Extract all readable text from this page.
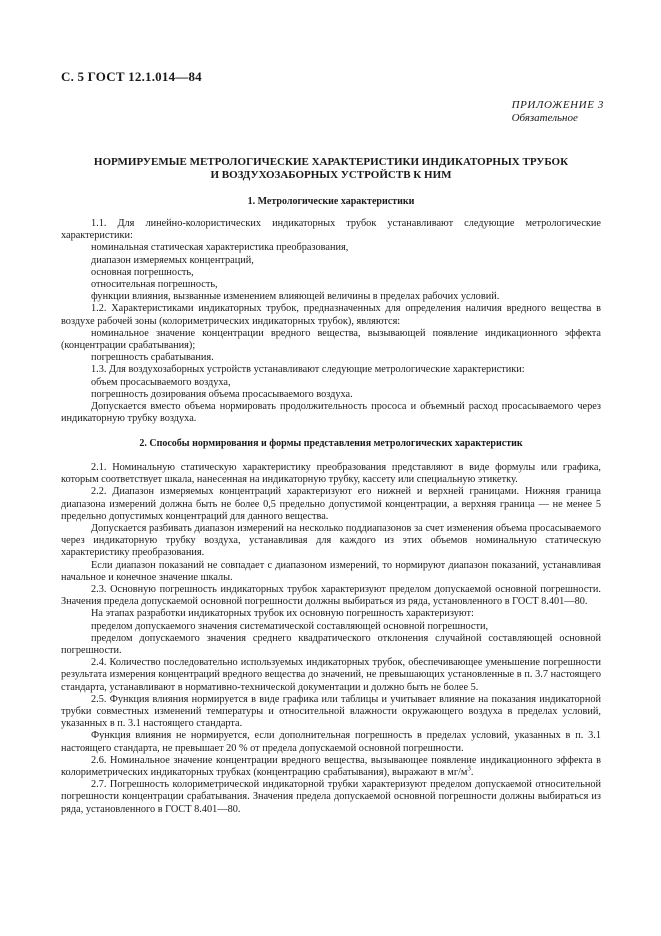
С. 5 ГОСТ 12.1.014—84
ПРИЛОЖЕНИЕ 3
Обязательное
НОРМИРУЕМЫЕ МЕТРОЛОГИЧЕСКИЕ ХАРАКТЕРИСТИКИ ИНДИКАТОРНЫХ ТРУБОК
И ВОЗДУХОЗАБОРНЫХ УСТРОЙСТВ К НИМ
1. Метрологические характеристики

1.1. Для линейно-колористических индикаторных трубок устанавливают следующие метрологические характеристики:

номинальная статическая характеристика преобразования,

диапазон измеряемых концентраций,

основная погрешность,

относительная погрешность,

функции влияния, вызванные изменением влияющей величины в пределах рабочих условий.

1.2. Характеристиками индикаторных трубок, предназначенных для определения наличия вредного вещества в воздухе рабочей зоны (колориметрических индикаторных трубок), являются:

номинальное значение концентрации вредного вещества, вызывающей появление индикационного эффекта (концентрации срабатывания);

погрешность срабатывания.

1.3. Для воздухозаборных устройств устанавливают следующие метрологические характеристики:

объем просасываемого воздуха,

погрешность дозирования объема просасываемого воздуха.

Допускается вместо объема нормировать продолжительность прососа и объемный расход просасываемого через индикаторную трубку воздуха.

2. Способы нормирования и формы представления метрологических характеристик

2.1. Номинальную статическую характеристику преобразования представляют в виде формулы или графика, которым соответствует шкала, нанесенная на индикаторную трубку, кассету или специальную этикетку.

2.2. Диапазон измеряемых концентраций характеризуют его нижней и верхней границами. Нижняя граница диапазона измерений должна быть не более 0,5 предельно допустимой концентрации, а верхняя граница — не менее 5 предельно допустимых концентраций для данного вещества.

Допускается разбивать диапазон измерений на несколько поддиапазонов за счет изменения объема просасываемого через индикаторную трубку воздуха, устанавливая для каждого из этих объемов номинальную статическую характеристику преобразования.

Если диапазон показаний не совпадает с диапазоном измерений, то нормируют диапазон показаний, устанавливая начальное и конечное значение шкалы.

2.3. Основную погрешность индикаторных трубок характеризуют пределом допускаемой основной погрешности. Значения предела допускаемой основной погрешности должны выбираться из ряда, установленного в ГОСТ 8.401—80.

На этапах разработки индикаторных трубок их основную погрешность характеризуют:

пределом допускаемого значения систематической составляющей основной погрешности,

пределом допускаемого значения среднего квадратического отклонения случайной составляющей основной погрешности.

2.4. Количество последовательно используемых индикаторных трубок, обеспечивающее уменьшение погрешности результата измерения концентраций вредного вещества до значений, не превышающих установленные в п. 3.7 настоящего стандарта, устанавливают в нормативно-технической документации и должно быть не более 5.

2.5. Функция влияния нормируется в виде графика или таблицы и учитывает влияние на показания индикаторной трубки совместных изменений температуры и относительной влажности окружающего воздуха в пределах условий, указанных в п. 3.1 настоящего стандарта.

Функция влияния не нормируется, если дополнительная погрешность в пределах условий, указанных в п. 3.1 настоящего стандарта, не превышает 20 % от предела допускаемой основной погрешности.

2.6. Номинальное значение концентрации вредного вещества, вызывающее появление индикационного эффекта в колориметрических индикаторных трубках (концентрацию срабатывания), выражают в $мг/м^3$.

2.7. Погрешность колориметрической индикаторной трубки характеризуют пределом допускаемой относительной погрешности концентрации срабатывания. Значения предела допускаемой основной погрешности должны выбираться из ряда, установленного в ГОСТ 8.401—80.
